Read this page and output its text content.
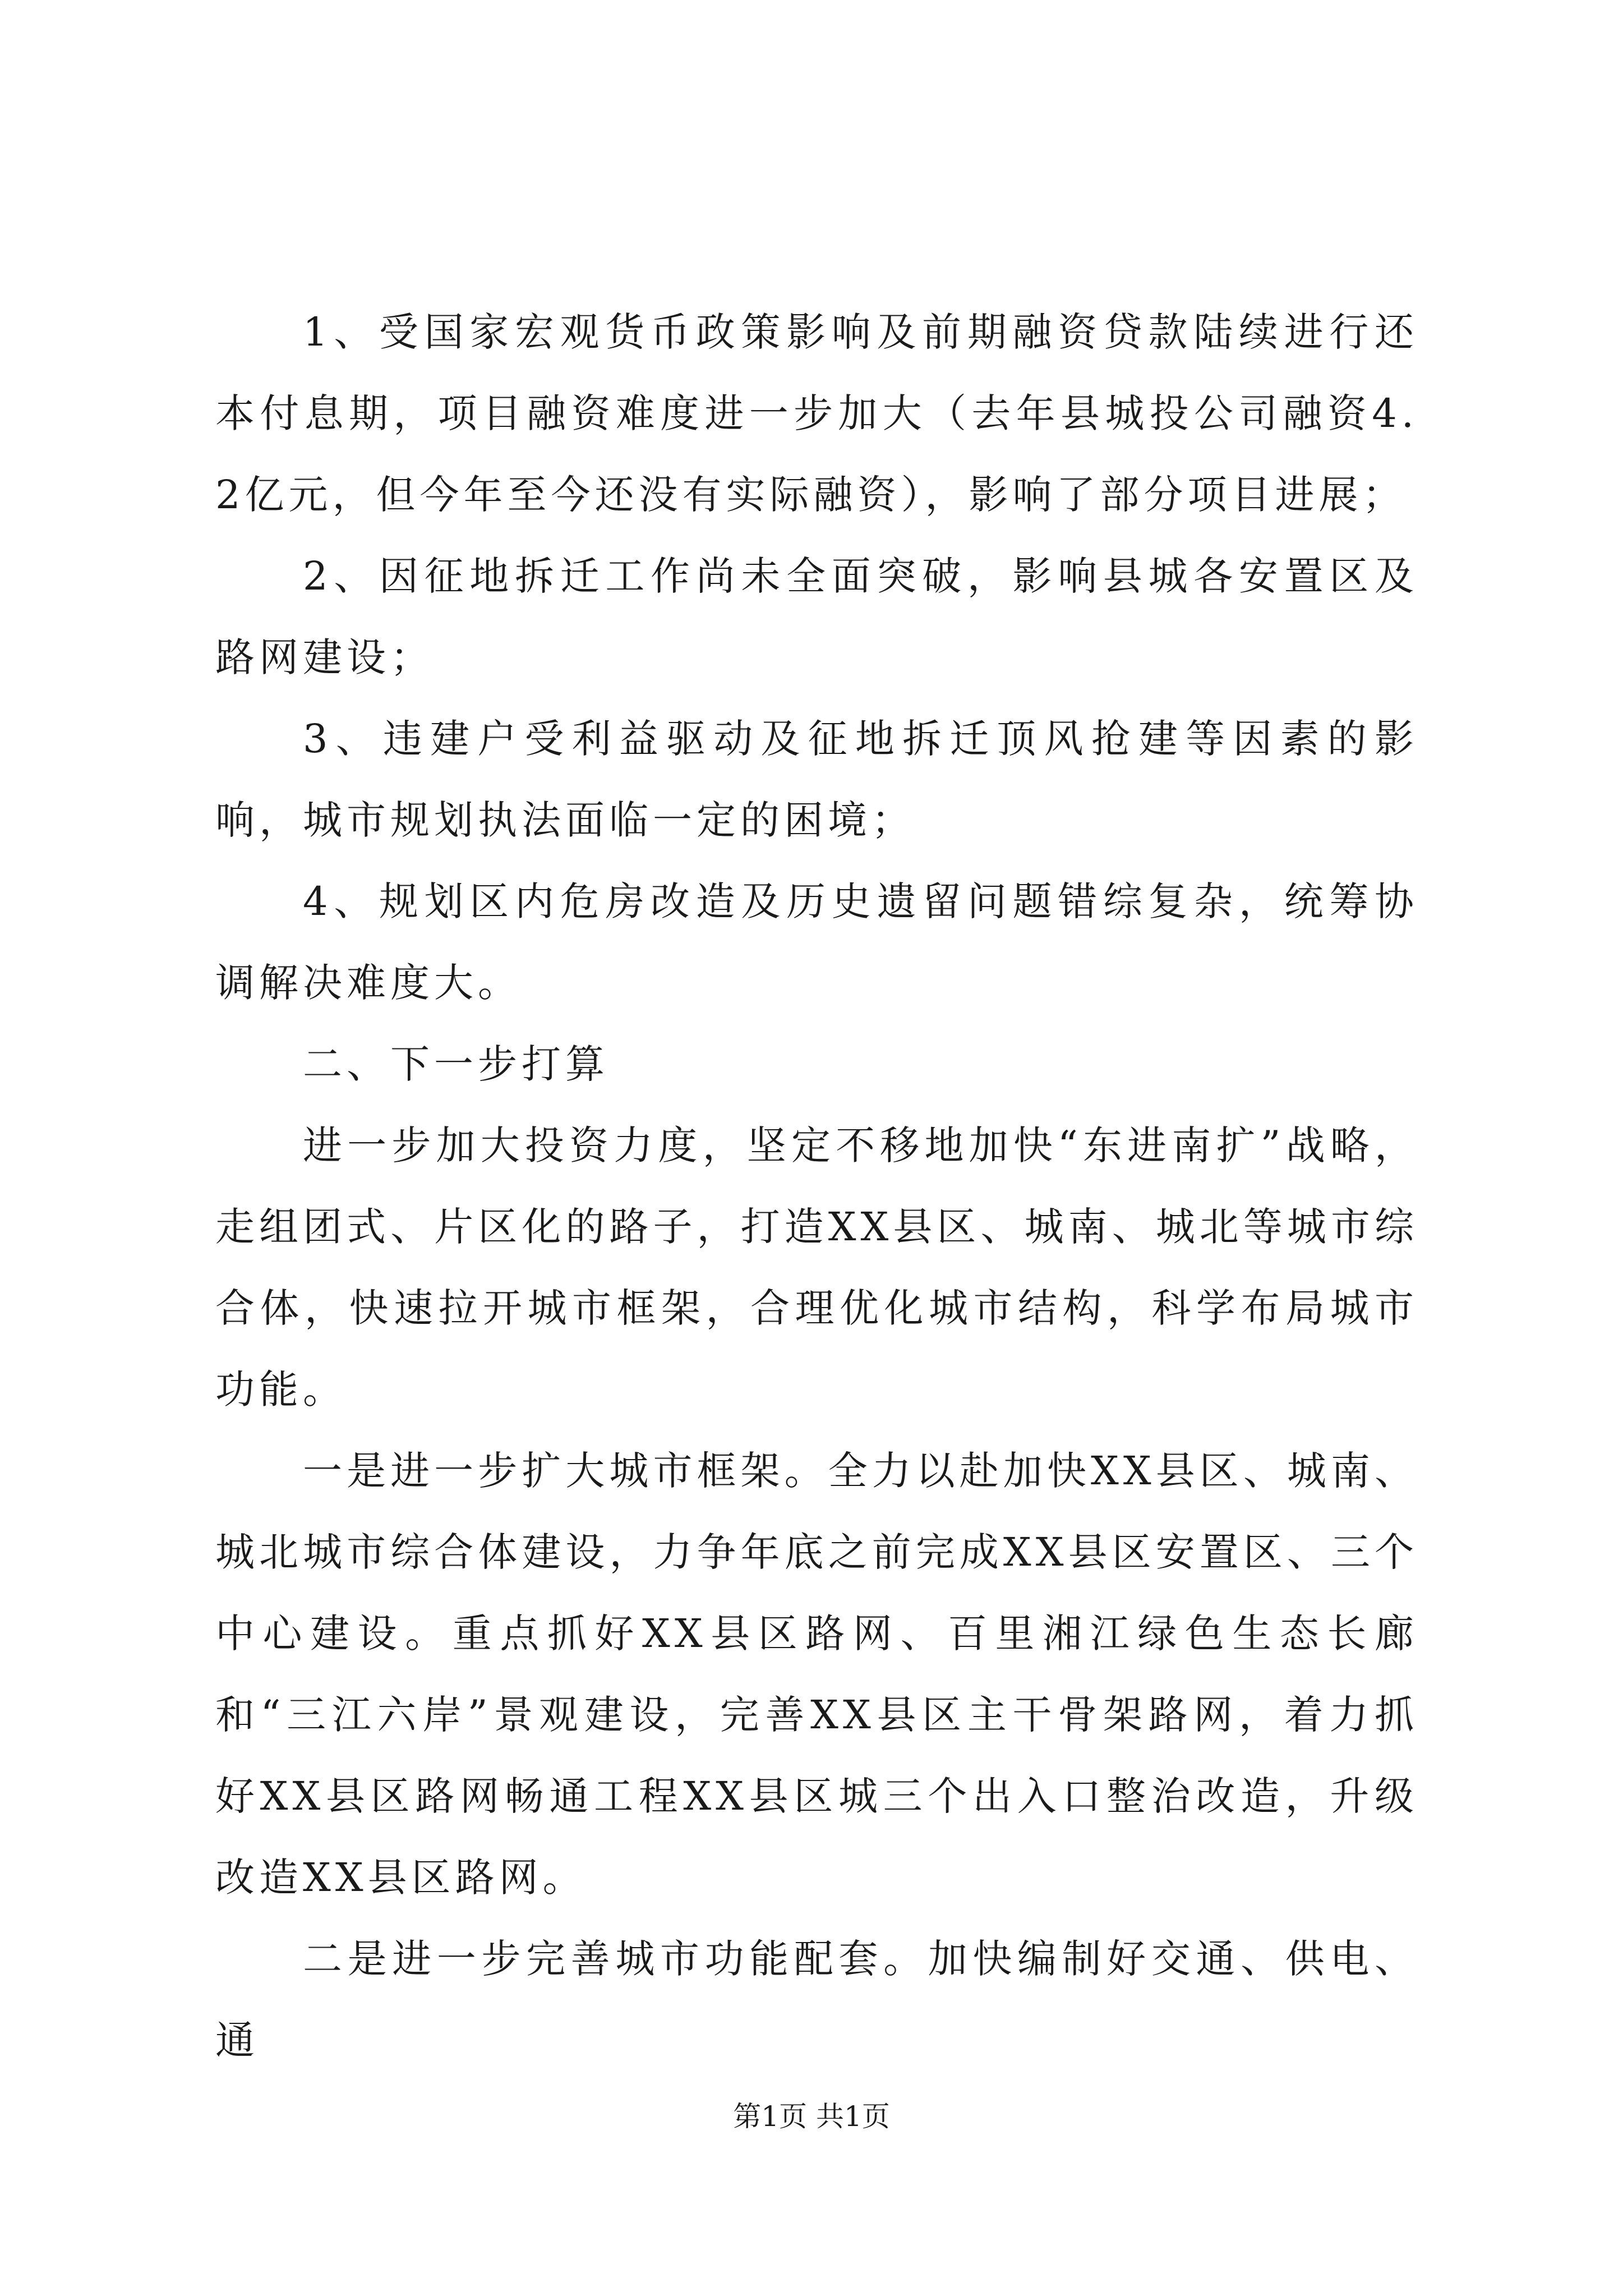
1、受国家宏观货币政策影响及前期融资贷款陆续进行还本付息期，项目融资难度进一步加大（去年县城投公司融资4.2亿元，但今年至今还没有实际融资），影响了部分项目进展；

2、因征地拆迁工作尚未全面突破，影响县城各安置区及路网建设；

3、违建户受利益驱动及征地拆迁顶风抢建等因素的影响，城市规划执法面临一定的困境；

4、规划区内危房改造及历史遗留问题错综复杂，统筹协调解决难度大。

二、下一步打算

进一步加大投资力度，坚定不移地加快“东进南扩”战略，走组团式、片区化的路子，打造XX县区、城南、城北等城市综合体，快速拉开城市框架，合理优化城市结构，科学布局城市功能。

一是进一步扩大城市框架。全力以赴加快XX县区、城南、城北城市综合体建设，力争年底之前完成XX县区安置区、三个中心建设。重点抓好XX县区路网、百里湘江绿色生态长廊和“三江六岸”景观建设，完善XX县区主干骨架路网，着力抓好XX县区路网畅通工程XX县区城三个出入口整治改造，升级改造XX县区路网。

二是进一步完善城市功能配套。加快编制好交通、供电、通

第1页 共1页
